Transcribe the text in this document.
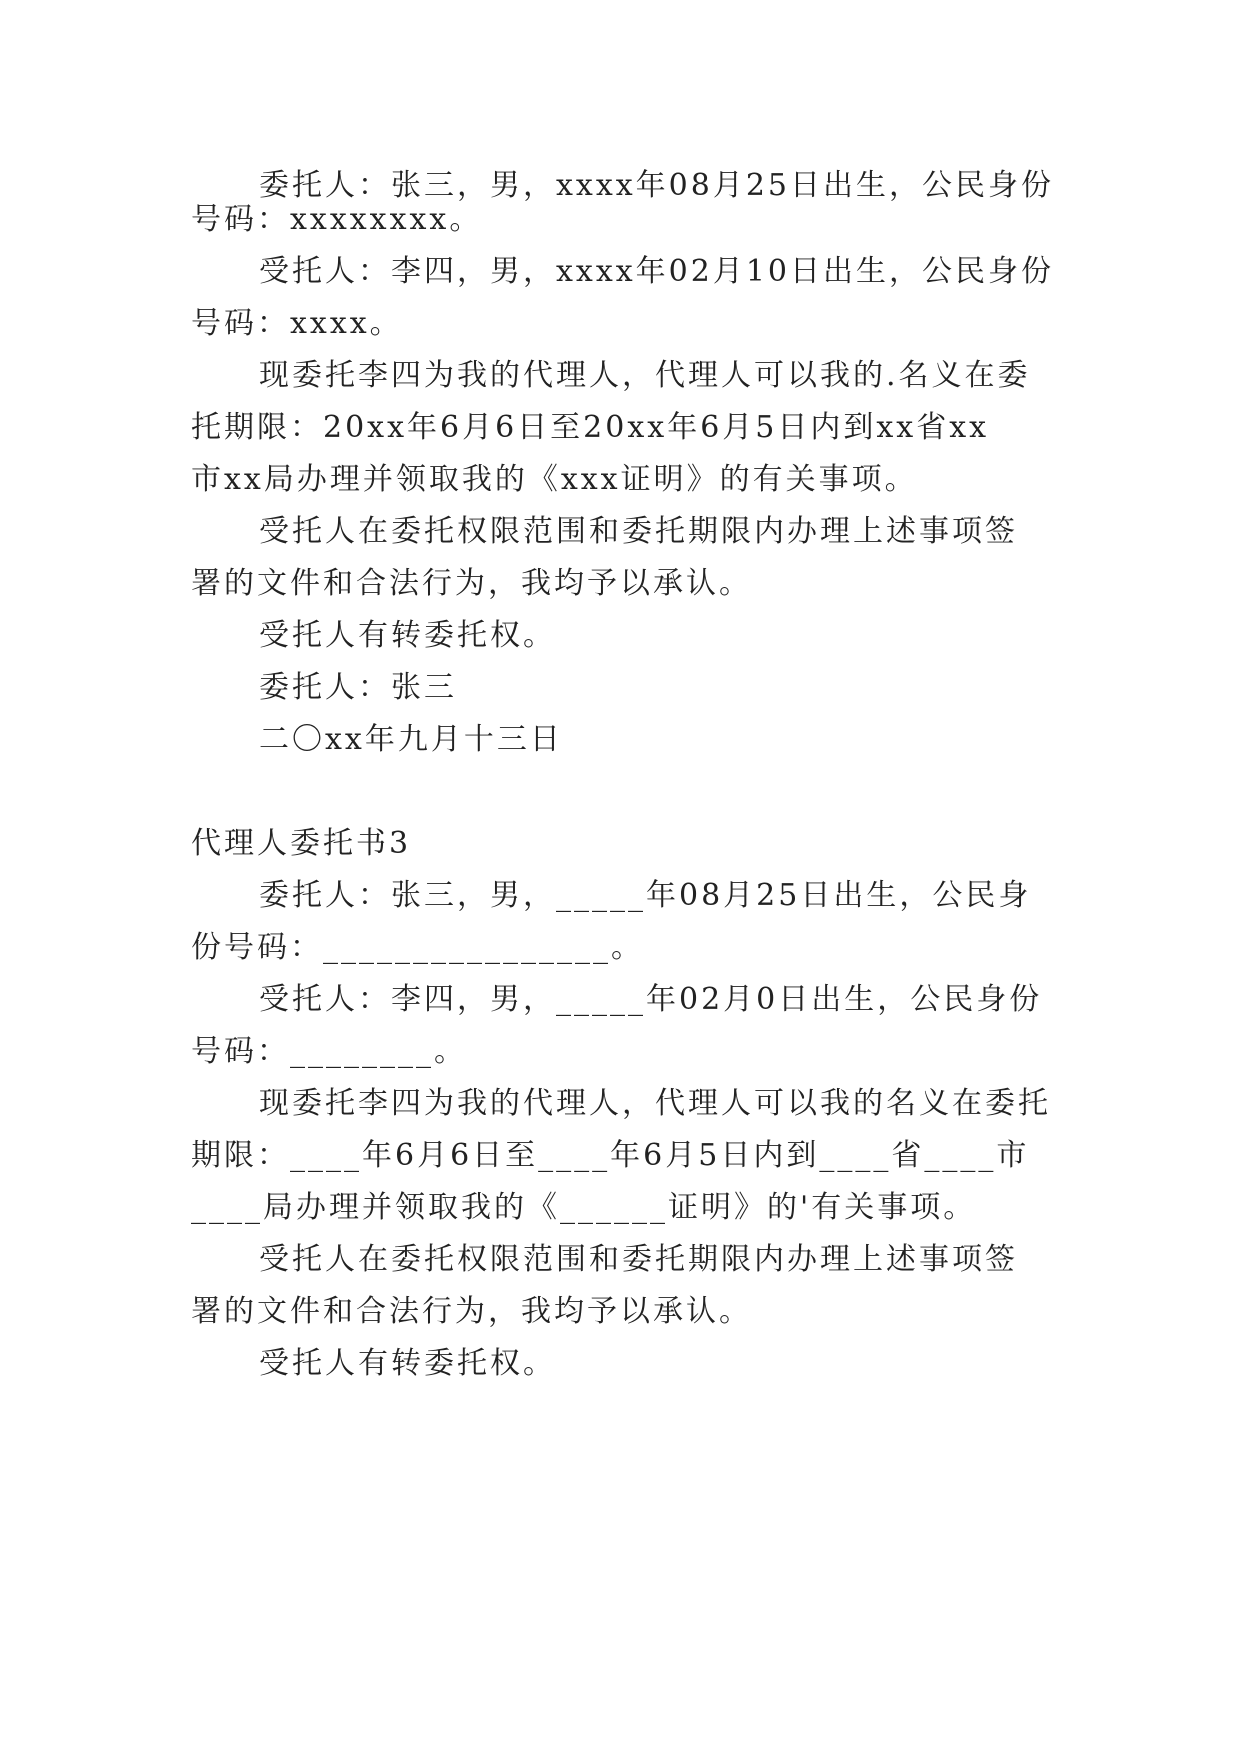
委托人：张三，男，xxxx年08月25日出生，公民身份
号码：xxxxxxxx。
受托人：李四，男，xxxx年02月10日出生，公民身份
号码：xxxx。
现委托李四为我的代理人，代理人可以我的.名义在委
托期限：20xx年6月6日至20xx年6月5日内到xx省xx
市xx局办理并领取我的《xxx证明》的有关事项。
受托人在委托权限范围和委托期限内办理上述事项签
署的文件和合法行为，我均予以承认。
受托人有转委托权。
委托人：张三
二〇xx年九月十三日
代理人委托书3
委托人：张三，男，_____年08月25日出生，公民身
份号码：________________。
受托人：李四，男，_____年02月0日出生，公民身份
号码：________。
现委托李四为我的代理人，代理人可以我的名义在委托
期限：____年6月6日至____年6月5日内到____省____市
____局办理并领取我的《______证明》的'有关事项。
受托人在委托权限范围和委托期限内办理上述事项签
署的文件和合法行为，我均予以承认。
受托人有转委托权。
